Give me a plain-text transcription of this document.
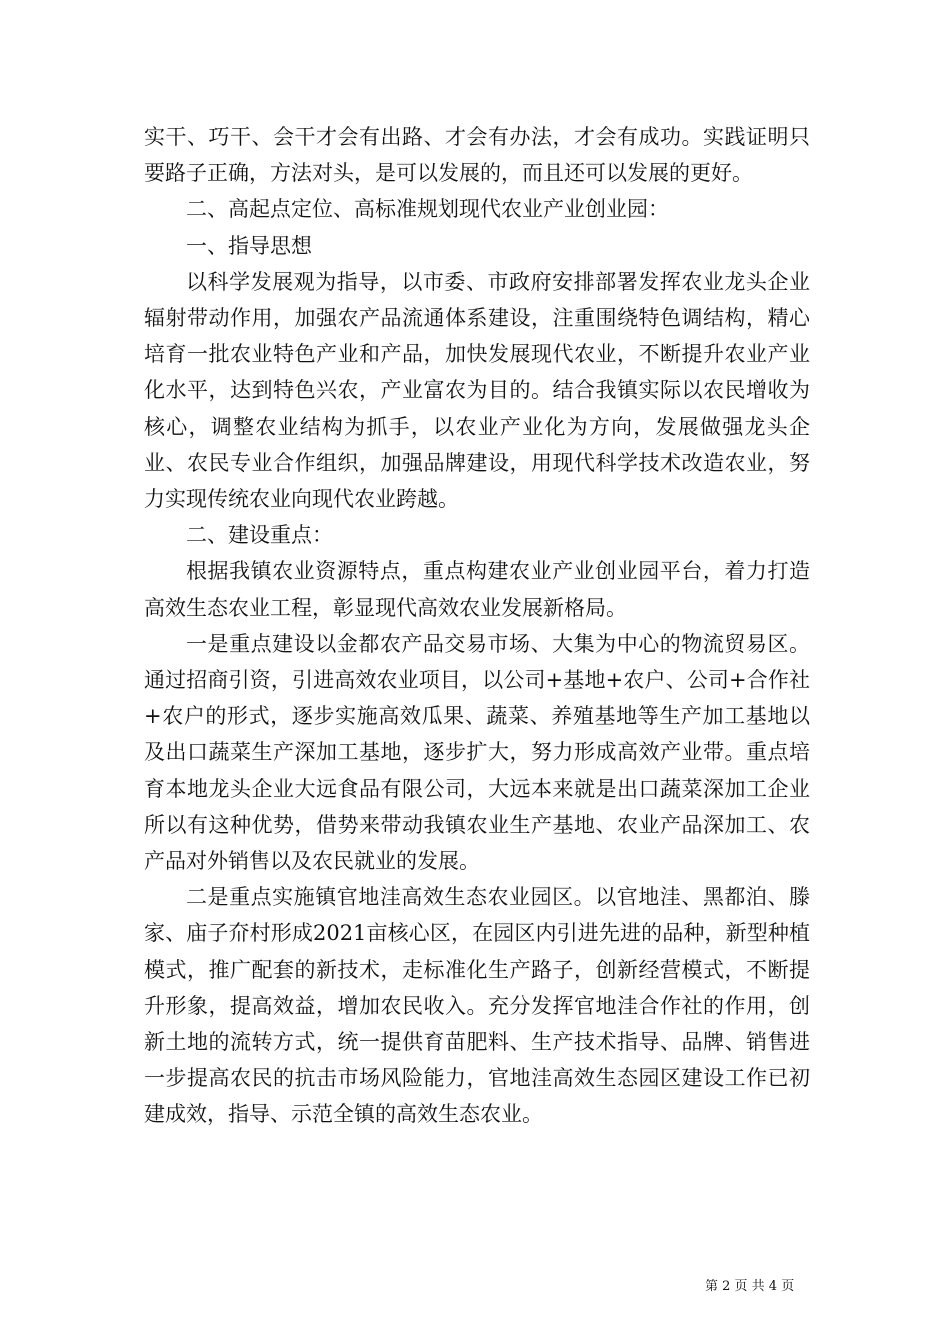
实干、巧干、会干才会有出路、才会有办法，才会有成功。实践证明只要路子正确，方法对头，是可以发展的，而且还可以发展的更好。

二、高起点定位、高标准规划现代农业产业创业园：

一、指导思想

以科学发展观为指导，以市委、市政府安排部署发挥农业龙头企业辐射带动作用，加强农产品流通体系建设，注重围绕特色调结构，精心培育一批农业特色产业和产品，加快发展现代农业，不断提升农业产业化水平，达到特色兴农，产业富农为目的。结合我镇实际以农民增收为核心，调整农业结构为抓手，以农业产业化为方向，发展做强龙头企业、农民专业合作组织，加强品牌建设，用现代科学技术改造农业，努力实现传统农业向现代农业跨越。

二、建设重点：

根据我镇农业资源特点，重点构建农业产业创业园平台，着力打造高效生态农业工程，彰显现代高效农业发展新格局。

一是重点建设以金都农产品交易市场、大集为中心的物流贸易区。通过招商引资，引进高效农业项目，以公司+基地+农户、公司+合作社+农户的形式，逐步实施高效瓜果、蔬菜、养殖基地等生产加工基地以及出口蔬菜生产深加工基地，逐步扩大，努力形成高效产业带。重点培育本地龙头企业大远食品有限公司，大远本来就是出口蔬菜深加工企业所以有这种优势，借势来带动我镇农业生产基地、农业产品深加工、农产品对外销售以及农民就业的发展。

二是重点实施镇官地洼高效生态农业园区。以官地洼、黑都泊、滕家、庙子夼村形成2021亩核心区，在园区内引进先进的品种，新型种植模式，推广配套的新技术，走标准化生产路子，创新经营模式，不断提升形象，提高效益，增加农民收入。充分发挥官地洼合作社的作用，创新土地的流转方式，统一提供育苗肥料、生产技术指导、品牌、销售进一步提高农民的抗击市场风险能力，官地洼高效生态园区建设工作已初建成效，指导、示范全镇的高效生态农业。

第 2 页 共 4 页
